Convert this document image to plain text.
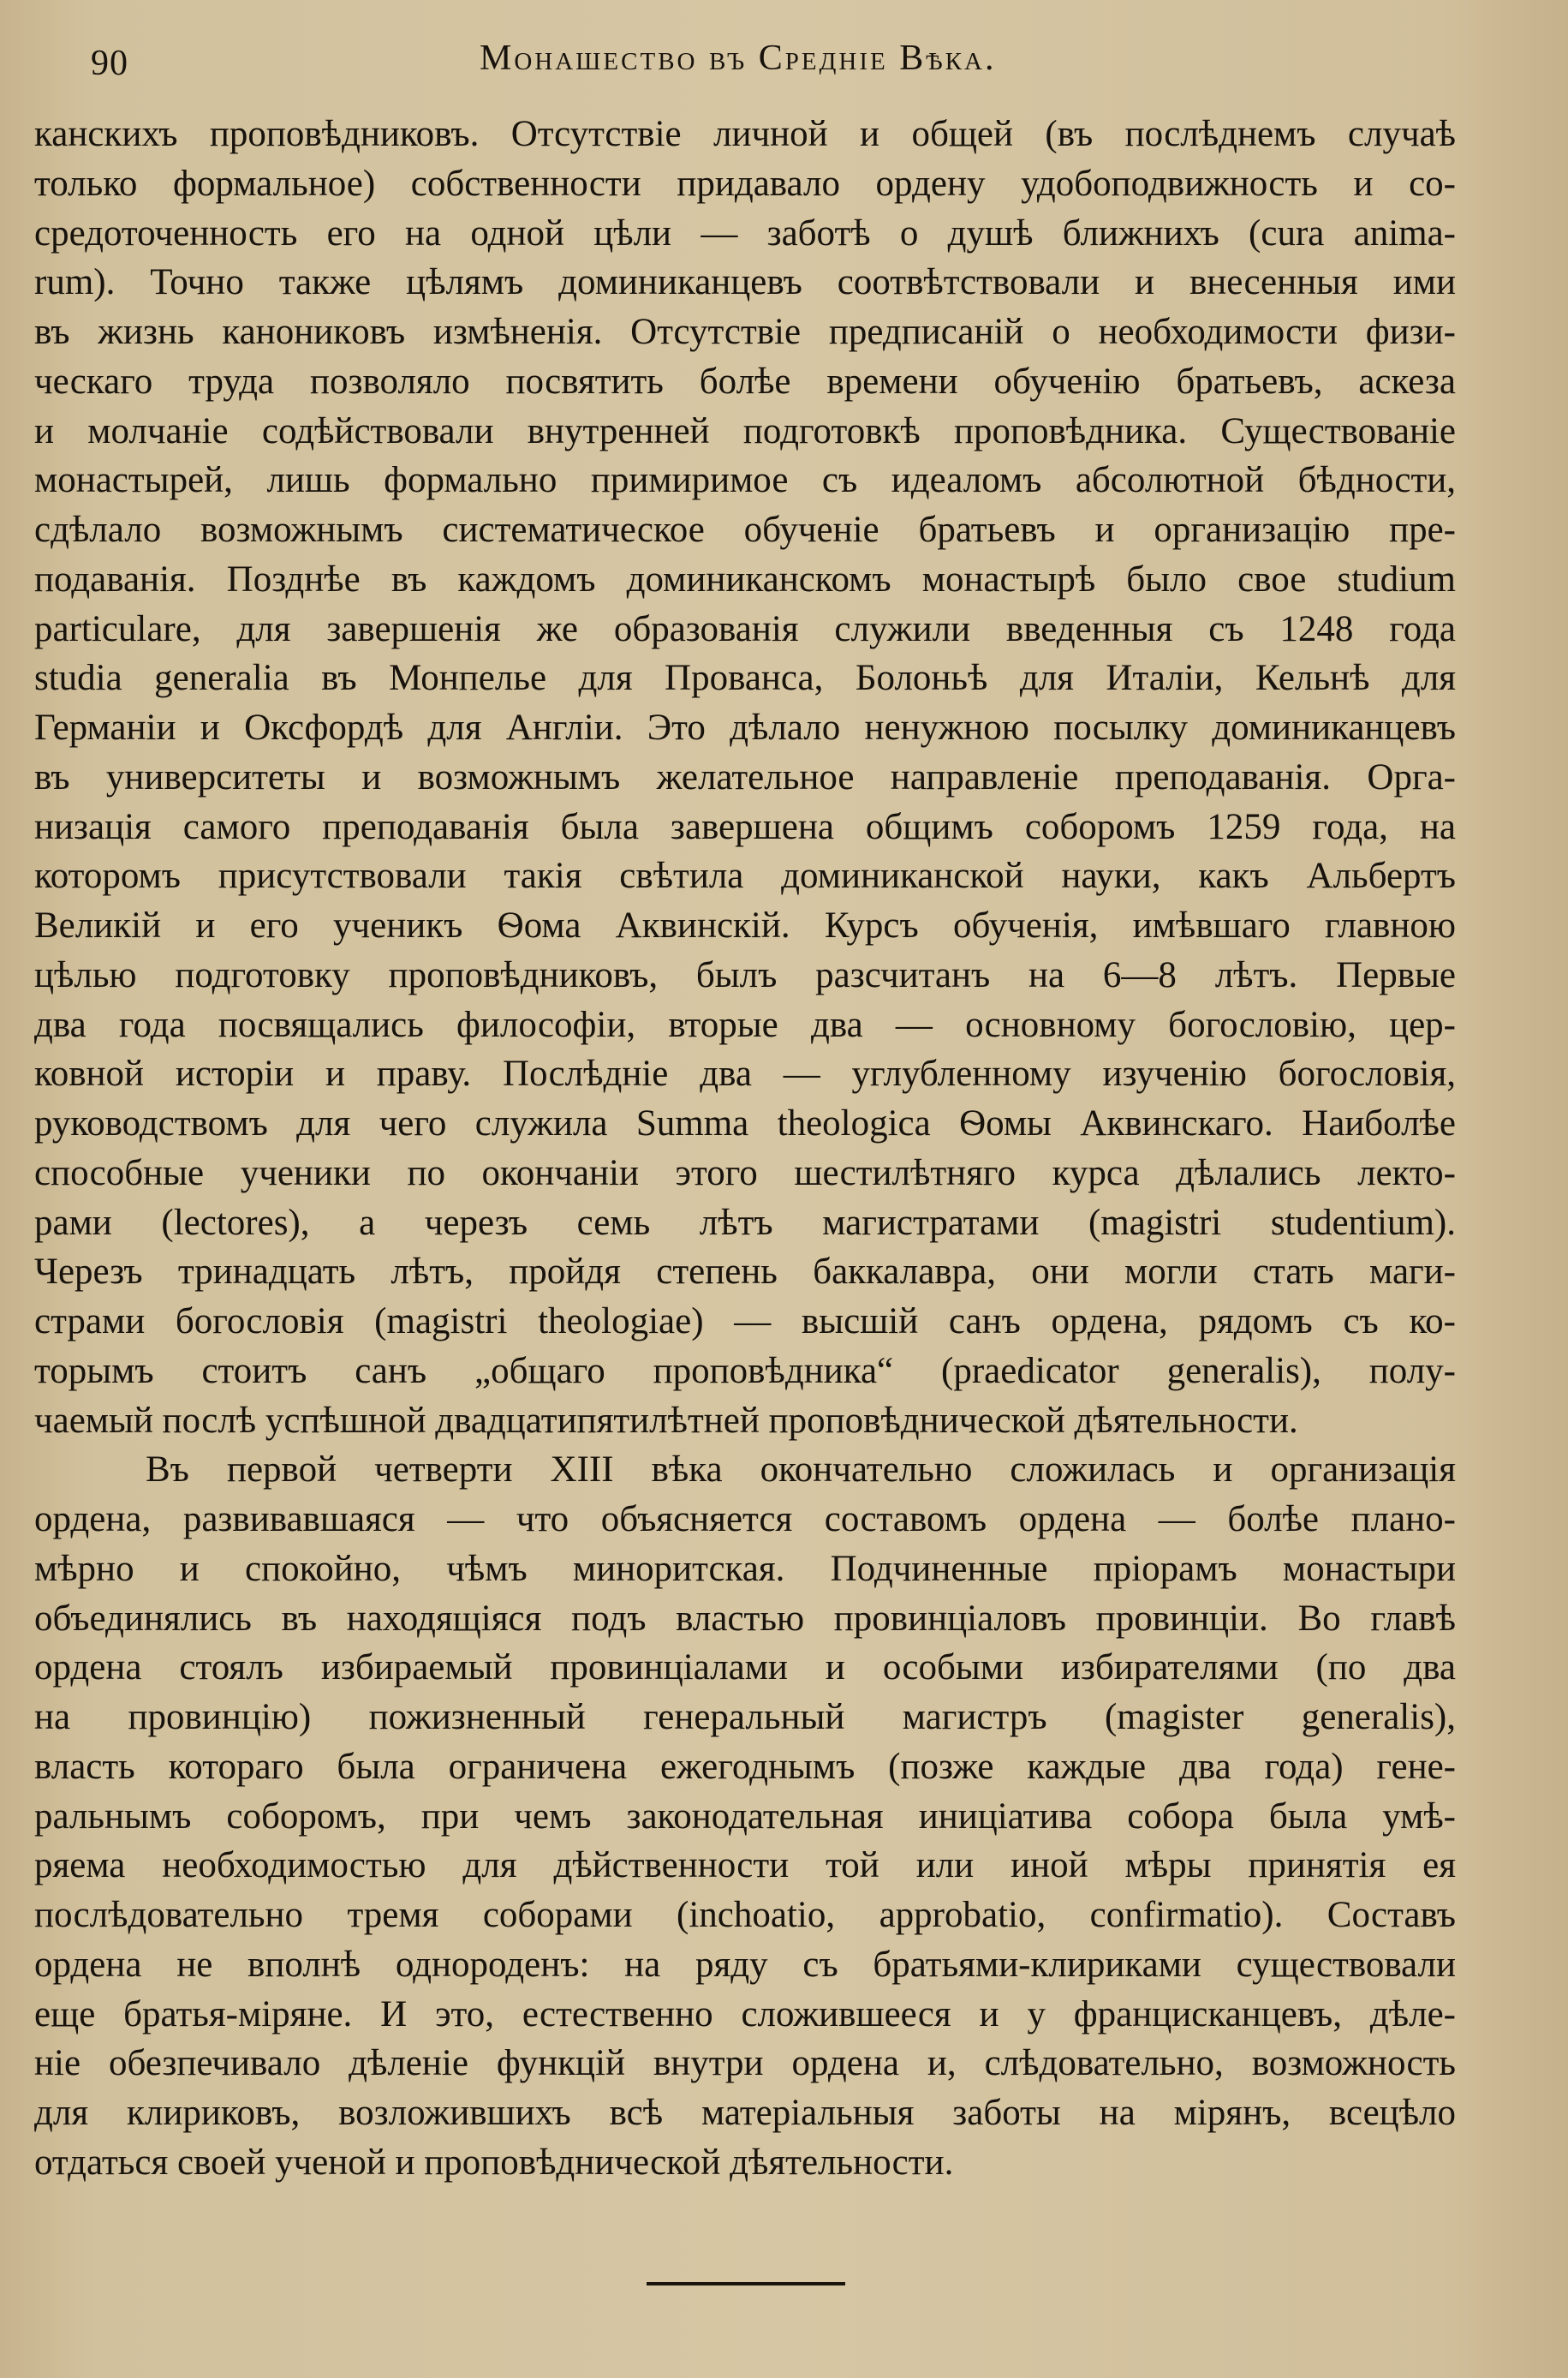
90	Монашество въ Средніе Вѣка.
канскихъ проповѣдниковъ. Отсутствіе личной и общей (въ послѣднемъ случаѣ
только формальное) собственности придавало ордену удобоподвижность и со-
средоточенность его на одной цѣли — заботѣ о душѣ ближнихъ (cura anima-
rum). Точно также цѣлямъ доминиканцевъ соотвѣтствовали и внесенныя ими
въ жизнь каноникoвъ измѣненія. Отсутствіе предписаній о необходимости физи-
ческаго труда позволяло посвятить болѣе времени обученію братьевъ, аскеза
и молчаніе содѣйствовали внутренней подготовкѣ проповѣдника. Существованіе
монастырей, лишь формально примиримое съ идеаломъ абсолютной бѣдности,
сдѣлало возможнымъ систематическое обученіе братьевъ и организацію пре-
подаванія. Позднѣе въ каждомъ доминиканскомъ монастырѣ было свое studium
particulare, для завершенія же образованія служили введенныя съ 1248 года
studia generalia въ Монпелье для Прованса, Болоньѣ для Италіи, Кельнѣ для
Германіи и Оксфордѣ для Англіи. Это дѣлало ненужною посылку доминиканцевъ
въ университеты и возможнымъ желательное направленіе преподаванія. Орга-
низація самого преподаванія была завершена общимъ соборомъ 1259 года, на
которомъ присутствовали такія свѣтила доминиканской науки, какъ Альбертъ
Великій и его ученикъ Ѳома Аквинскій. Курсъ обученія, имѣвшаго главною
цѣлью подготовку проповѣдниковъ, былъ разсчитанъ на 6—8 лѣтъ. Первые
два года посвящались философіи, вторые два — основному богословію, цер-
ковной исторіи и праву. Послѣдніе два — углубленному изученію богословія,
руководствомъ для чего служила Summa theologica Ѳомы Аквинскаго. Наиболѣе
способные ученики по окончаніи этого шестилѣтняго курса дѣлались лекто-
рами (lectores), а черезъ семь лѣтъ магистратами (magistri studentium).
Черезъ тринадцать лѣтъ, пройдя степень баккалавра, они могли стать маги-
страми богословія (magistri theologiae) — высшій санъ ордена, рядомъ съ ко-
торымъ стоитъ санъ „общаго проповѣдника“ (praedicator generalis), полу-
чаемый послѣ успѣшной двадцатипятилѣтней проповѣднической дѣятельности.
Въ первой четверти XIII вѣка окончательно сложилась и организація
ордена, развивавшаяся — что объясняется составомъ ордена — болѣе плано-
мѣрно и спокойно, чѣмъ миноритская. Подчиненные пріорамъ монастыри
объединялись въ находящіяся подъ властью провинціаловъ провинціи. Во главѣ
ордена стоялъ избираемый провинціалами и особыми избирателями (по два
на провинцію) пожизненный генеральный магистръ (magister generalis),
власть котораго была ограничена ежегоднымъ (позже каждые два года) гене-
ральнымъ соборомъ, при чемъ законодательная иниціатива собора была умѣ-
ряема необходимостью для дѣйственности той или иной мѣры принятія ея
послѣдовательно тремя соборами (inchoatio, approbatio, confirmatio). Составъ
ордена не вполнѣ однороденъ: на ряду съ братьями-клириками существовали
еще братья-міряне. И это, естественно сложившееся и у францисканцевъ, дѣле-
ніе обезпечивало дѣленіе функцій внутри ордена и, слѣдовательно, возможность
для клириковъ, возложившихъ всѣ матеріальныя заботы на мірянъ, всецѣло
отдаться своей ученой и проповѣднической дѣятельности.
